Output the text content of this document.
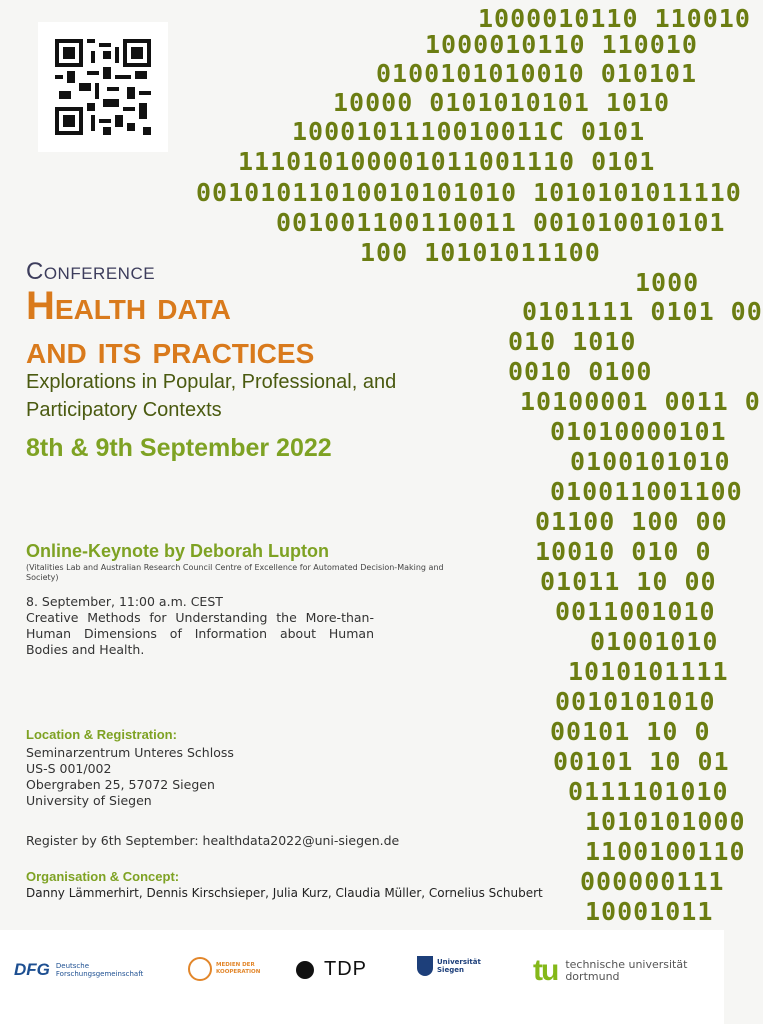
1000010110 110010
1000010110 110010
0100101010010 010101
10000 0101010101 1010
1000101110010011C 0101
111010100001011001110 0101
00101011010010101010 1010101011110
001001100110011 001010010101
100 10101011100
1000
0101111 0101 00
010 1010
0010 0100
10100001 0011 0
01010000101
0100101010
010011001100
01100 100 00
10010 010 0
01011 10 00
0011001010
01001010
1010101111
0010101010
00101 10 0
00101 10 01
0111101010
1010101000
1100100110
000000111
10001011
Conference
Health data
and its practices
Explorations in Popular, Professional, and Participatory Contexts
8th & 9th September 2022
Online-Keynote by Deborah Lupton
(Vitalities Lab and Australian Research Council Centre of Excellence for Automated Decision-Making and Society)
8. September, 11:00 a.m. CEST
Creative Methods for Understanding the More-than-Human Dimensions of Information about Human Bodies and Health.
Location & Registration:
Seminarzentrum Unteres Schloss
US-S 001/002
Obergraben 25, 57072 Siegen
University of Siegen
Register by 6th September: healthdata2022@uni-siegen.de
Organisation & Concept:
Danny Lämmerhirt, Dennis Kirschsieper, Julia Kurz, Claudia Müller, Cornelius Schubert
DFG Deutsche Forschungsgemeinschaft
MEDIEN DER KOOPERATION	TDP	Universität Siegen	tu technische universität dortmund
